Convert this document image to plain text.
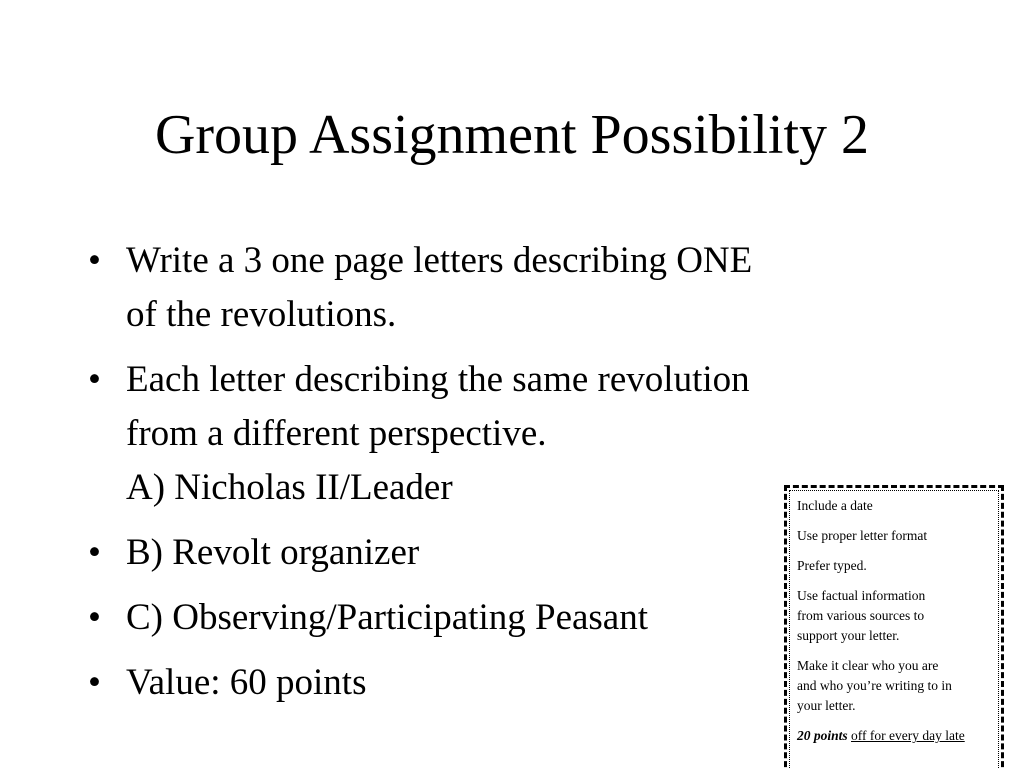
Group Assignment Possibility 2
• Write a 3 one page letters describing ONE
of the revolutions.
• Each letter describing the same revolution
from a different perspective.
A) Nicholas II/Leader
• B) Revolt organizer
• C) Observing/Participating Peasant
• Value: 60 points

Include a date

Use proper letter format

Prefer typed.

Use factual information
from various sources to
support your letter.

Make it clear who you are
and who you’re writing to in
your letter.

20 points off for every day late
